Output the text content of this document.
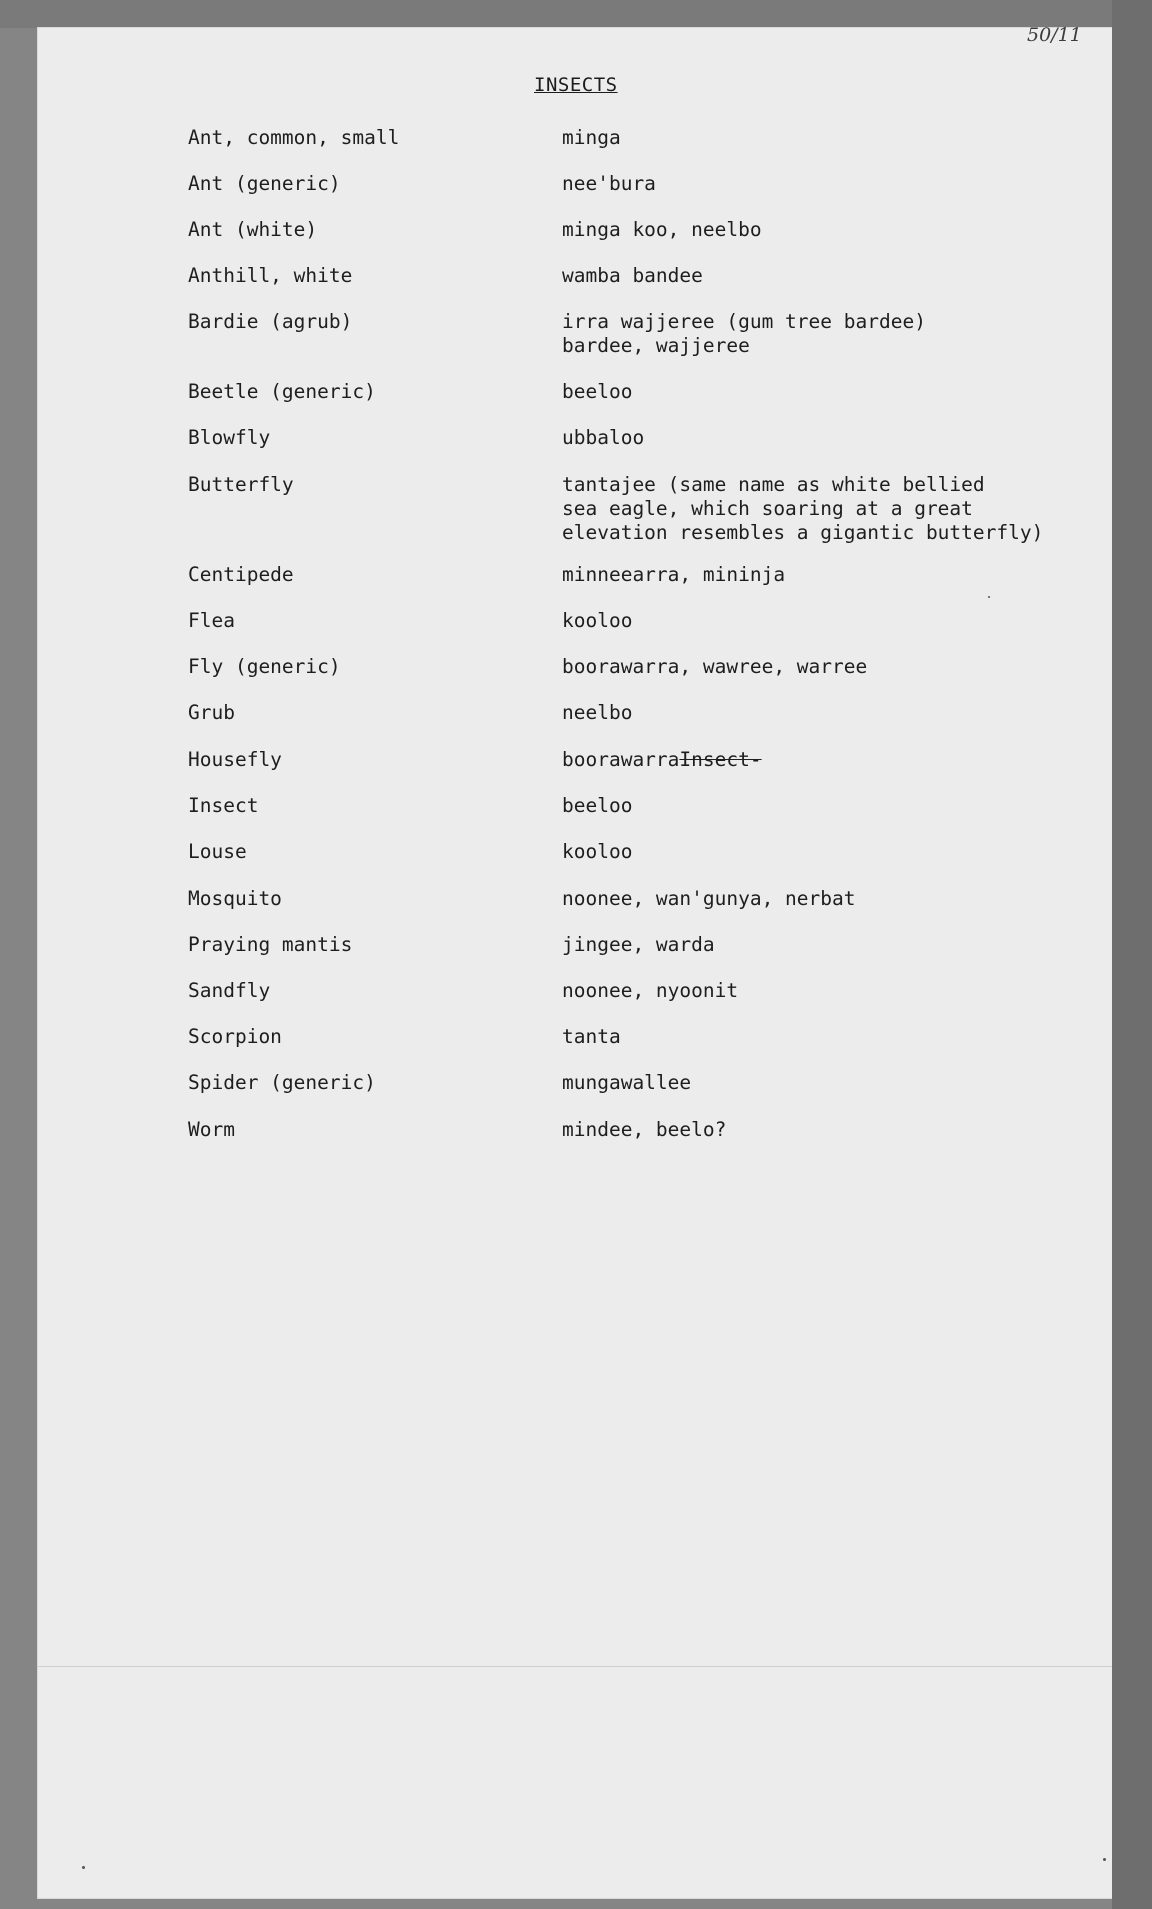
50/11
INSECTS
Ant, common, small	minga
Ant (generic)	nee'bura
Ant (white)	minga koo, neelbo
Anthill, white	wamba bandee
Bardie (agrub)	irra wajjeree (gum tree bardee)
bardee, wajjeree
Beetle (generic)	beeloo
Blowfly	ubbaloo
Butterfly	tantajee (same name as white bellied
sea eagle, which soaring at a great
elevation resembles a gigantic butterfly)
Centipede	minneearra, mininja
Flea	kooloo
Fly (generic)	boorawarra, wawree, warree
Grub	neelbo
Housefly	boorawarraInsect-
Insect	beeloo
Louse	kooloo
Mosquito	noonee, wan'gunya, nerbat
Praying mantis	jingee, warda
Sandfly	noonee, nyoonit
Scorpion	tanta
Spider (generic)	mungawallee
Worm	mindee, beelo?
